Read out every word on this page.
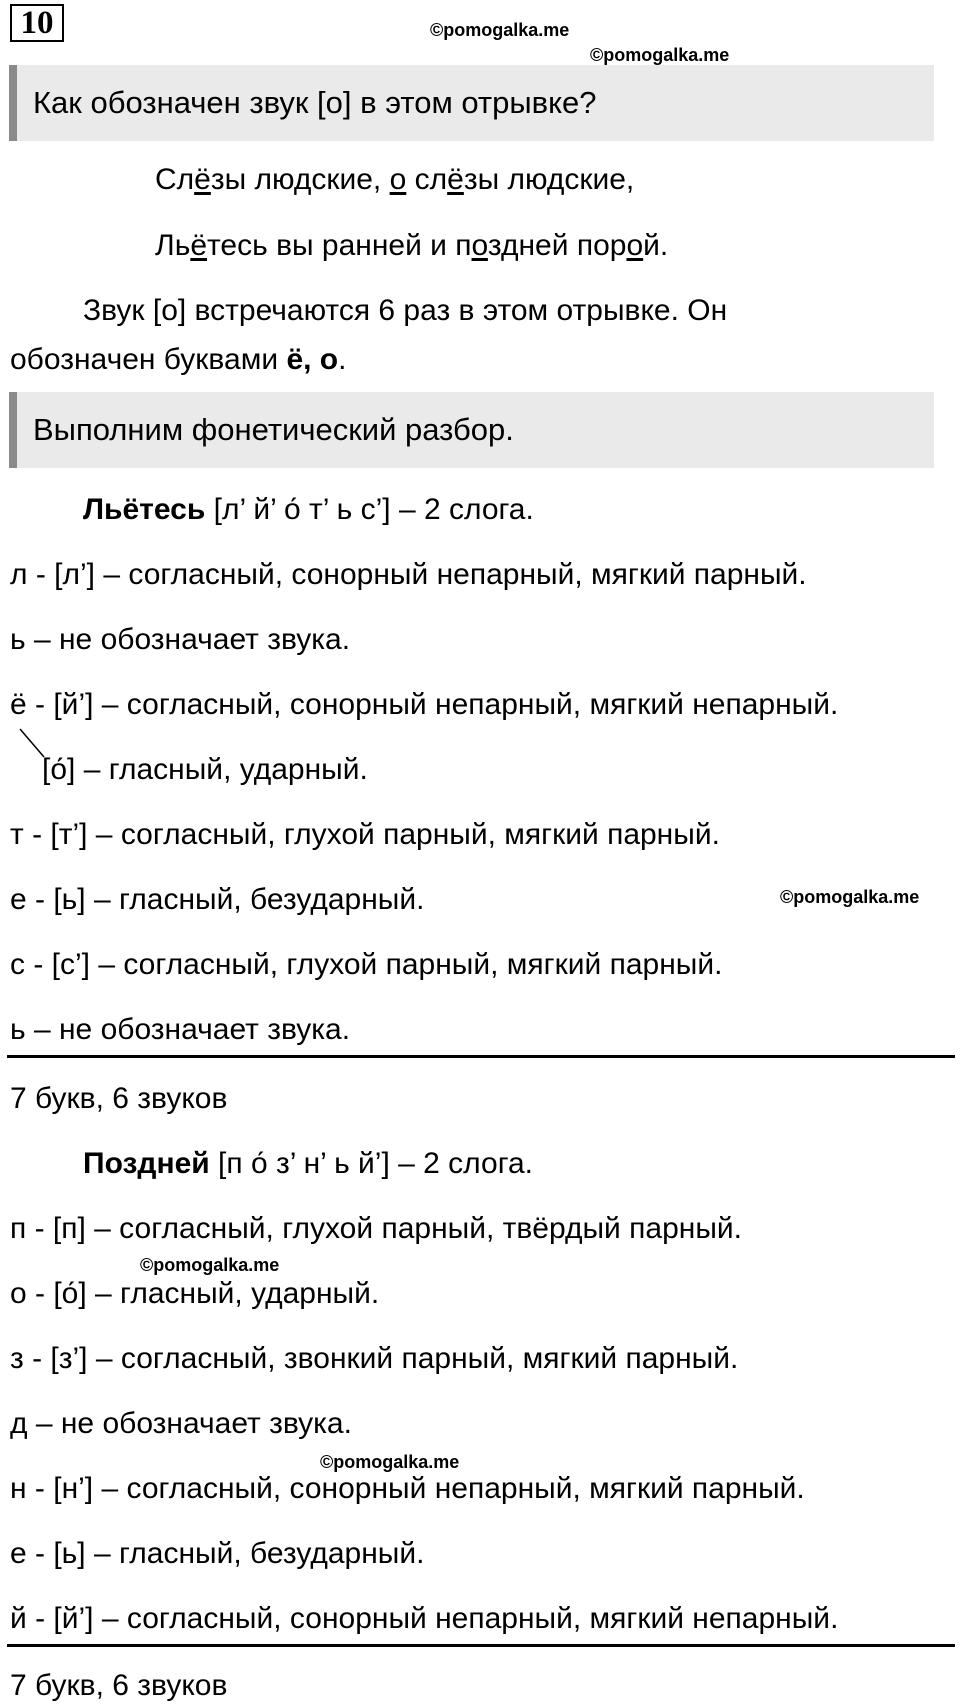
10	©pomogalka.me
©pomogalka.me
Как обозначен звук [о] в этом отрывке?
Слёзы людские, о слёзы людские,
Льётесь вы ранней и поздней порой.
Звук [о] встречаются 6 раз в этом отрывке. Он
обозначен буквами ё, о.
Выполним фонетический разбор.
Льётесь [л’ й’ о́ т’ ь с’] – 2 слога.
л - [л’] – согласный, сонорный непарный, мягкий парный.
ь – не обозначает звука.
ё - [й’] – согласный, сонорный непарный, мягкий непарный.
[о́] – гласный, ударный.
т - [т’] – согласный, глухой парный, мягкий парный.
е - [ь] – гласный, безударный.	©pomogalka.me
с - [с’] – согласный, глухой парный, мягкий парный.
ь – не обозначает звука.
7 букв, 6 звуков
Поздней [п о́ з’ н’ ь й’] – 2 слога.
п - [п] – согласный, глухой парный, твёрдый парный.
©pomogalka.me
о - [о́] – гласный, ударный.
з - [з’] – согласный, звонкий парный, мягкий парный.
д – не обозначает звука.
©pomogalka.me
н - [н’] – согласный, сонорный непарный, мягкий парный.
е - [ь] – гласный, безударный.
й - [й’] – согласный, сонорный непарный, мягкий непарный.
7 букв, 6 звуков
